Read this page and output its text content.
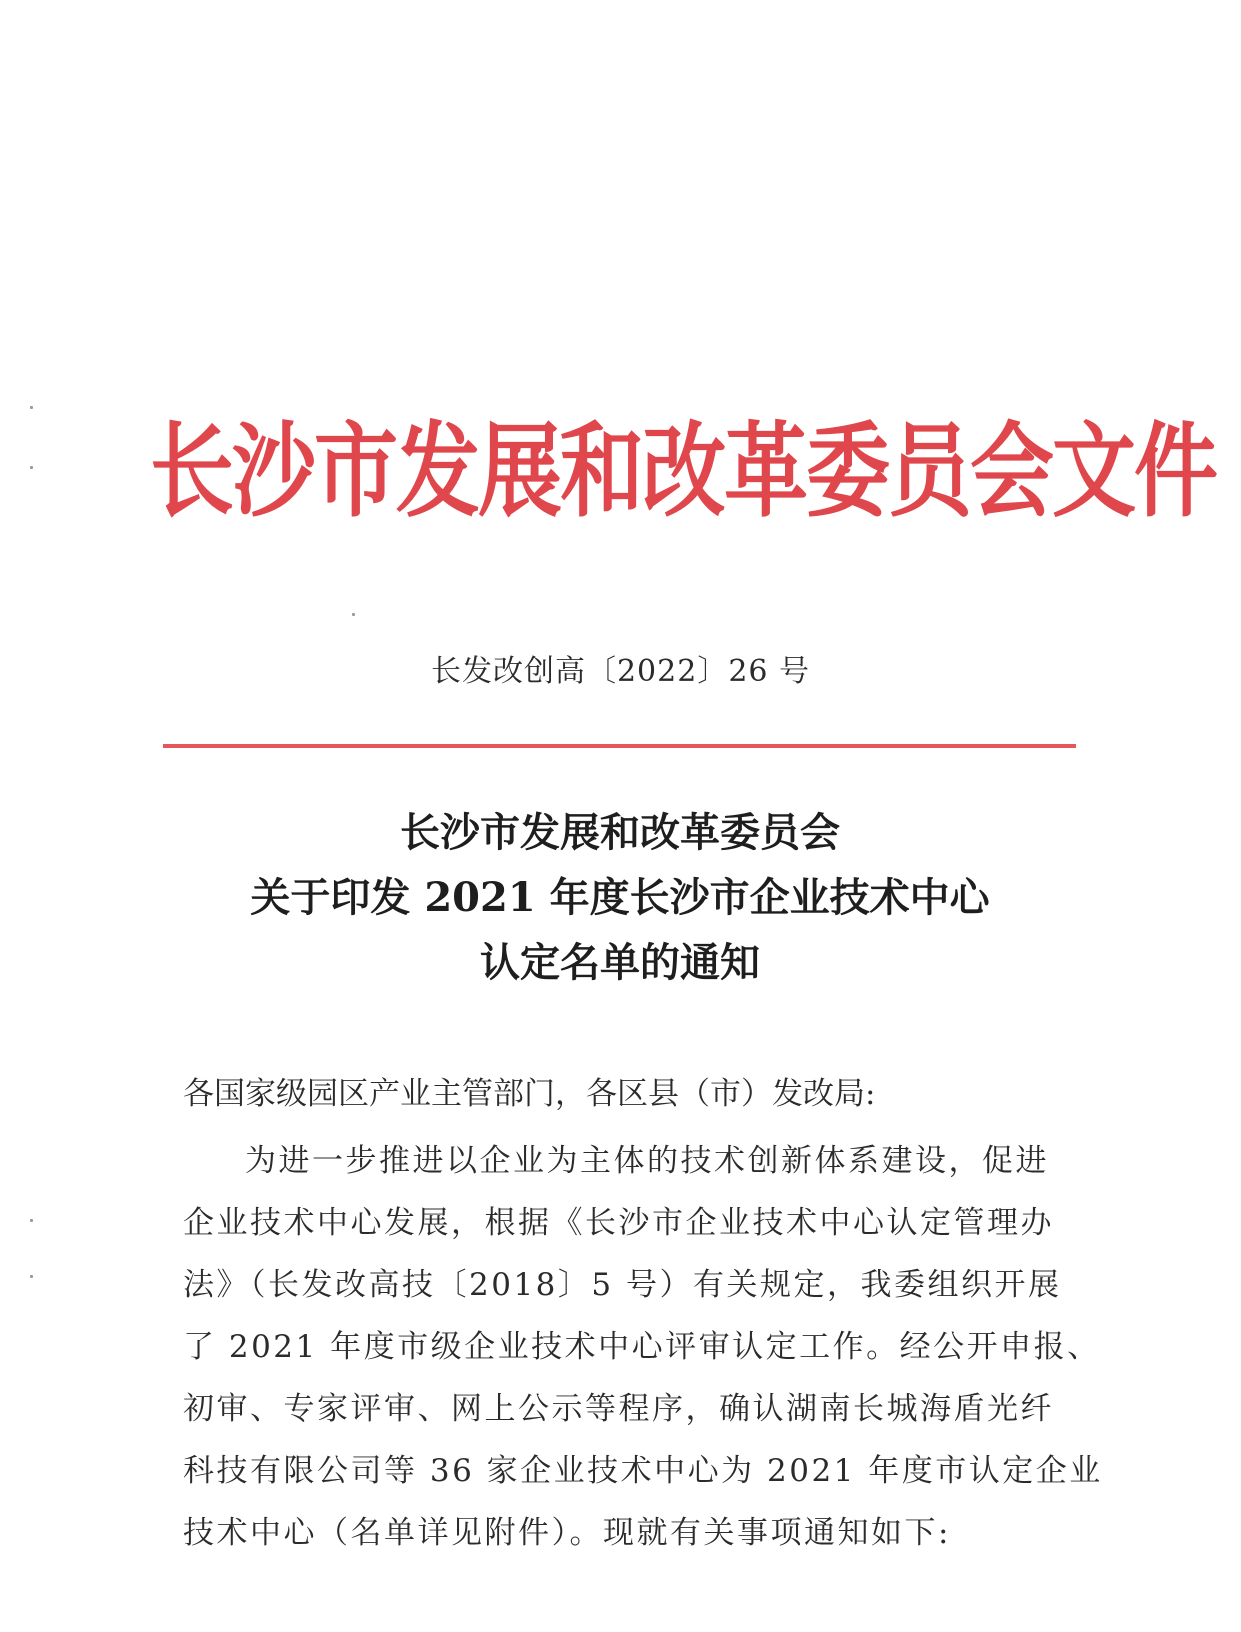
长沙市发展和改革委员会文件
长发改创高〔2022〕26 号
长沙市发展和改革委员会
关于印发 2021 年度长沙市企业技术中心
认定名单的通知
各国家级园区产业主管部门，各区县（市）发改局:
为进一步推进以企业为主体的技术创新体系建设，促进
企业技术中心发展，根据《长沙市企业技术中心认定管理办
法》（长发改高技〔2018〕5 号）有关规定，我委组织开展
了 2021 年度市级企业技术中心评审认定工作。经公开申报、
初审、专家评审、网上公示等程序，确认湖南长城海盾光纤
科技有限公司等 36 家企业技术中心为 2021 年度市认定企业
技术中心（名单详见附件）。现就有关事项通知如下:
